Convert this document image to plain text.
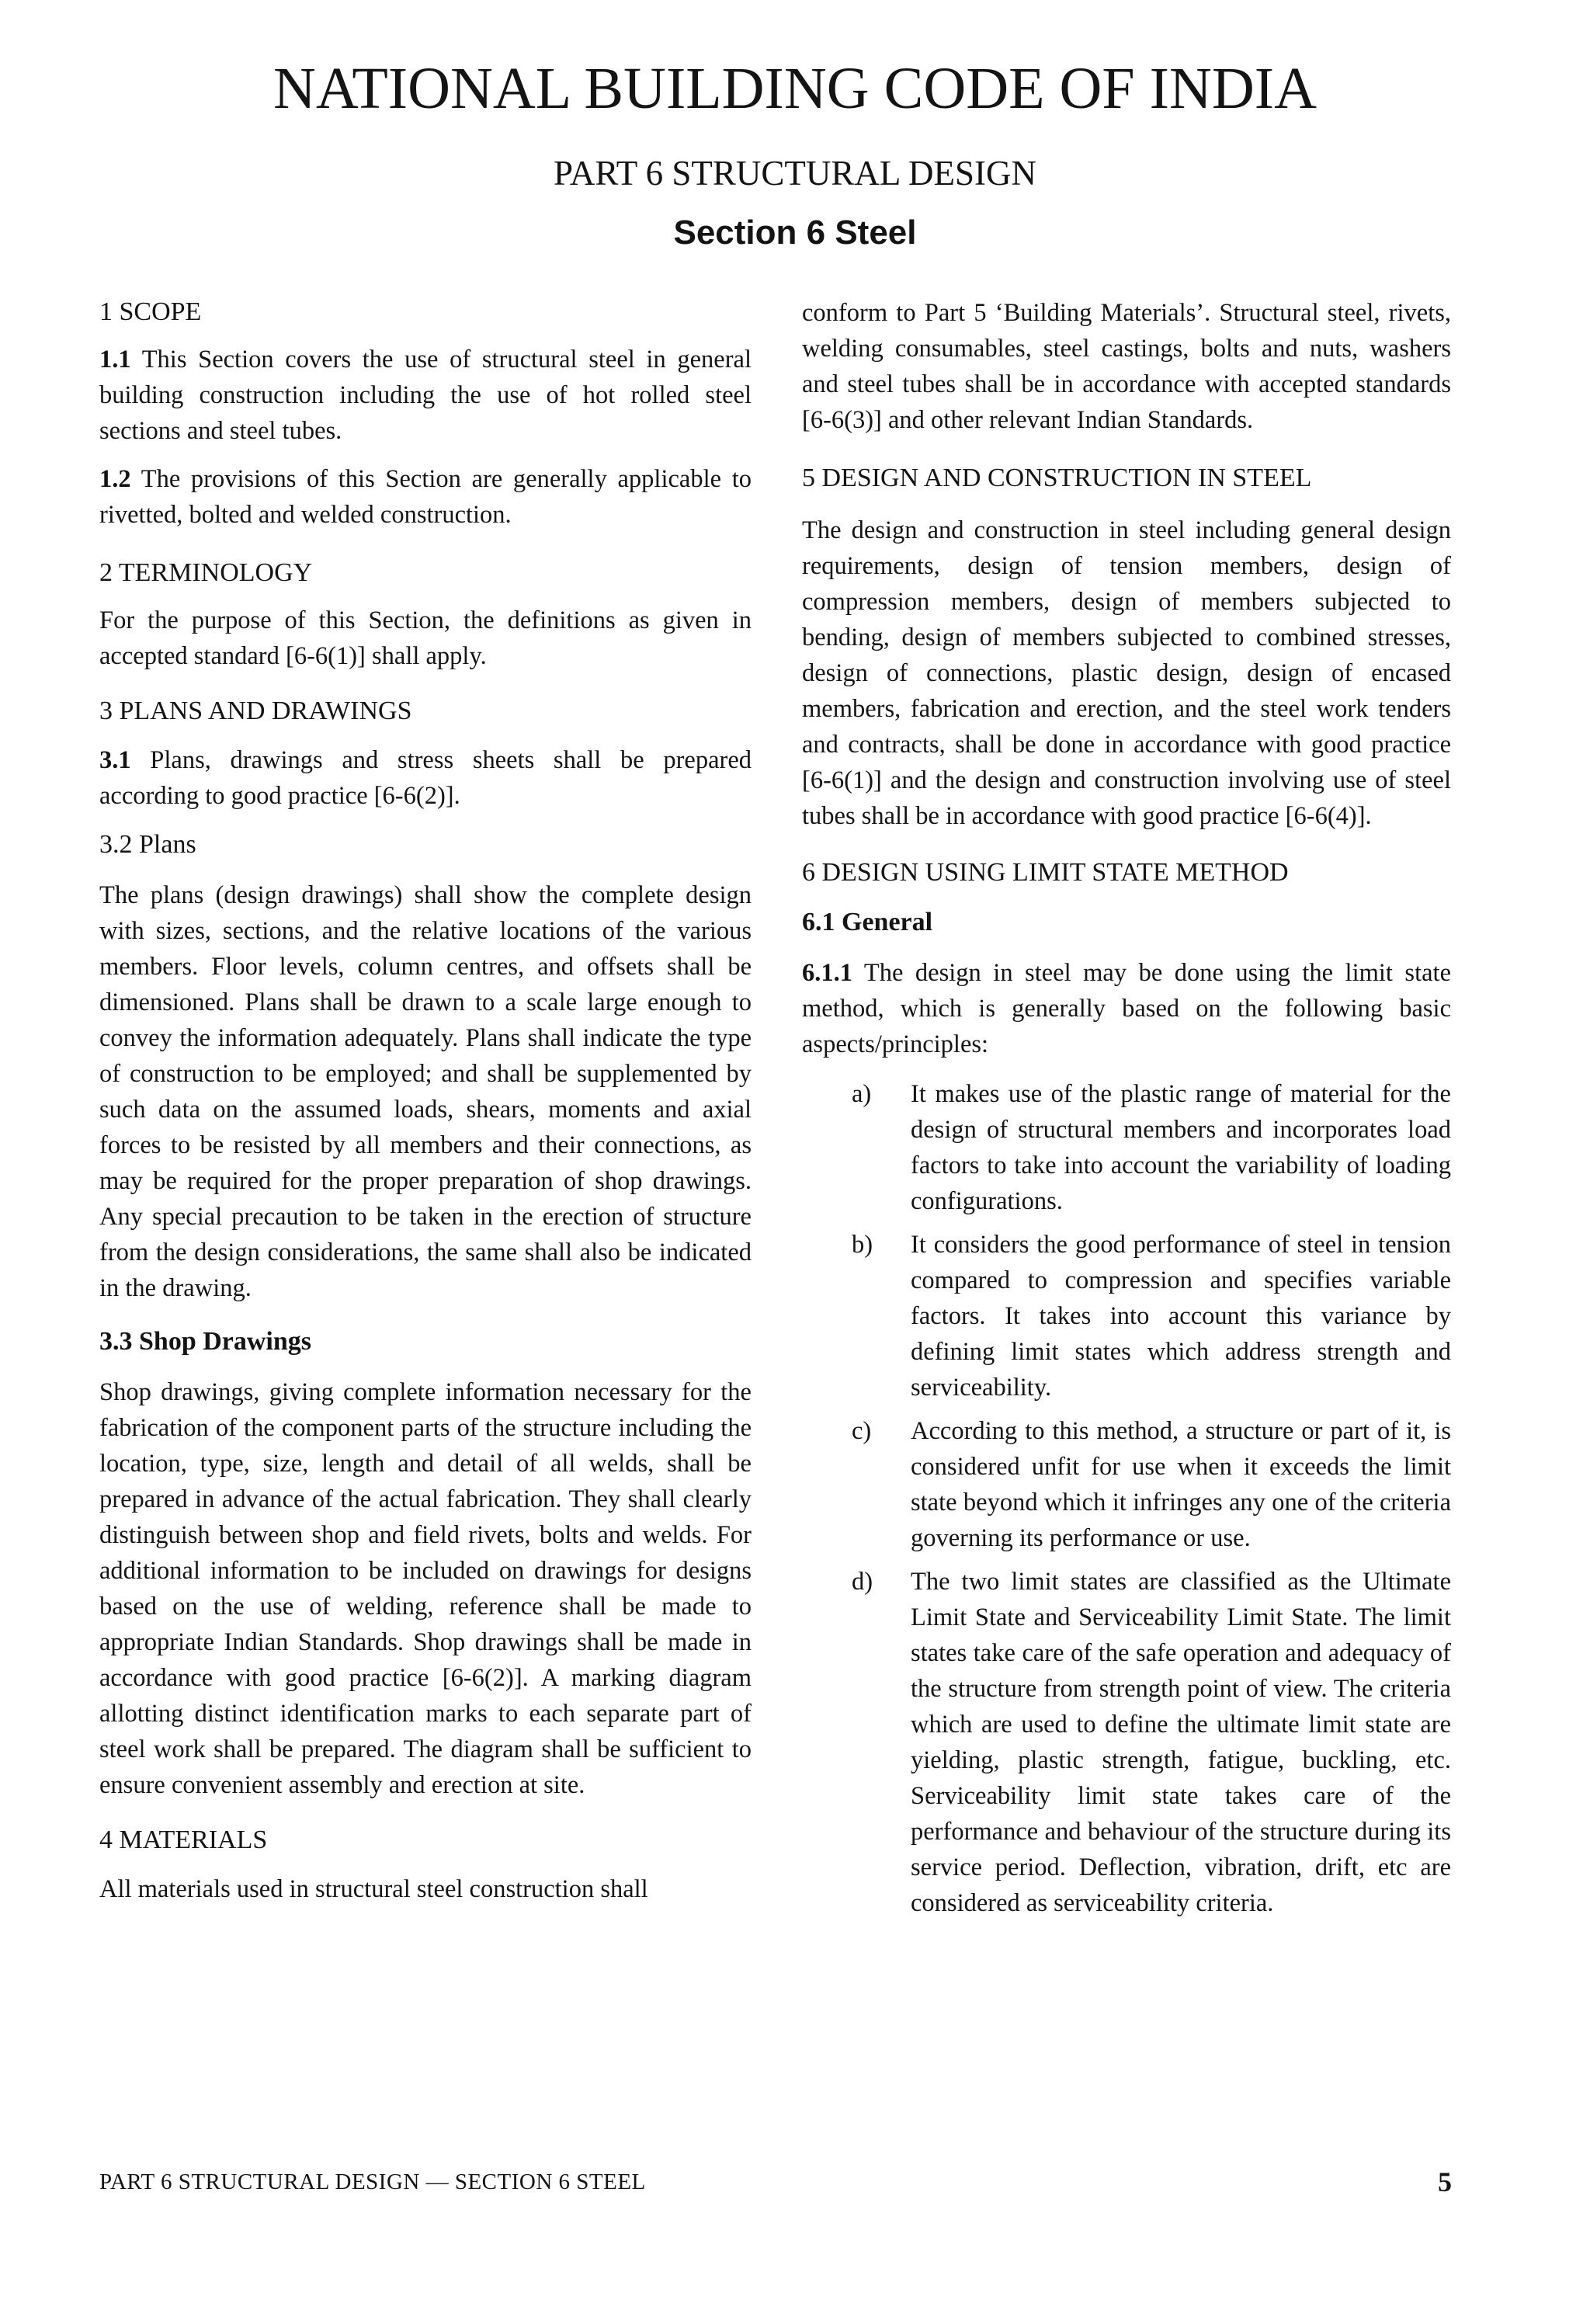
NATIONAL BUILDING CODE OF INDIA
PART 6 STRUCTURAL DESIGN
Section 6 Steel

1 SCOPE

1.1 This Section covers the use of structural steel in general building construction including the use of hot rolled steel sections and steel tubes.

1.2 The provisions of this Section are generally applicable to rivetted, bolted and welded construction.

2 TERMINOLOGY

For the purpose of this Section, the definitions as given in accepted standard [6-6(1)] shall apply.

3 PLANS AND DRAWINGS

3.1 Plans, drawings and stress sheets shall be prepared according to good practice [6-6(2)].

3.2 Plans

The plans (design drawings) shall show the complete design with sizes, sections, and the relative locations of the various members. Floor levels, column centres, and offsets shall be dimensioned. Plans shall be drawn to a scale large enough to convey the information adequately. Plans shall indicate the type of construction to be employed; and shall be supplemented by such data on the assumed loads, shears, moments and axial forces to be resisted by all members and their connections, as may be required for the proper preparation of shop drawings. Any special precaution to be taken in the erection of structure from the design considerations, the same shall also be indicated in the drawing.

3.3 Shop Drawings

Shop drawings, giving complete information necessary for the fabrication of the component parts of the structure including the location, type, size, length and detail of all welds, shall be prepared in advance of the actual fabrication. They shall clearly distinguish between shop and field rivets, bolts and welds. For additional information to be included on drawings for designs based on the use of welding, reference shall be made to appropriate Indian Standards. Shop drawings shall be made in accordance with good practice [6-6(2)]. A marking diagram allotting distinct identification marks to each separate part of steel work shall be prepared. The diagram shall be sufficient to ensure convenient assembly and erection at site.

4 MATERIALS

All materials used in structural steel construction shall

conform to Part 5 ‘Building Materials’. Structural steel, rivets, welding consumables, steel castings, bolts and nuts, washers and steel tubes shall be in accordance with accepted standards [6-6(3)] and other relevant Indian Standards.

5 DESIGN AND CONSTRUCTION IN STEEL

The design and construction in steel including general design requirements, design of tension members, design of compression members, design of members subjected to bending, design of members subjected to combined stresses, design of connections, plastic design, design of encased members, fabrication and erection, and the steel work tenders and contracts, shall be done in accordance with good practice [6-6(1)] and the design and construction involving use of steel tubes shall be in accordance with good practice [6-6(4)].

6 DESIGN USING LIMIT STATE METHOD

6.1 General

6.1.1 The design in steel may be done using the limit state method, which is generally based on the following basic aspects/principles:

a) It makes use of the plastic range of material for the design of structural members and incorporates load factors to take into account the variability of loading configurations.
b) It considers the good performance of steel in tension compared to compression and specifies variable factors. It takes into account this variance by defining limit states which address strength and serviceability.
c) According to this method, a structure or part of it, is considered unfit for use when it exceeds the limit state beyond which it infringes any one of the criteria governing its performance or use.
d) The two limit states are classified as the Ultimate Limit State and Serviceability Limit State. The limit states take care of the safe operation and adequacy of the structure from strength point of view. The criteria which are used to define the ultimate limit state are yielding, plastic strength, fatigue, buckling, etc. Serviceability limit state takes care of the performance and behaviour of the structure during its service period. Deflection, vibration, drift, etc are considered as serviceability criteria.
PART 6 STRUCTURAL DESIGN — SECTION 6 STEEL	5
